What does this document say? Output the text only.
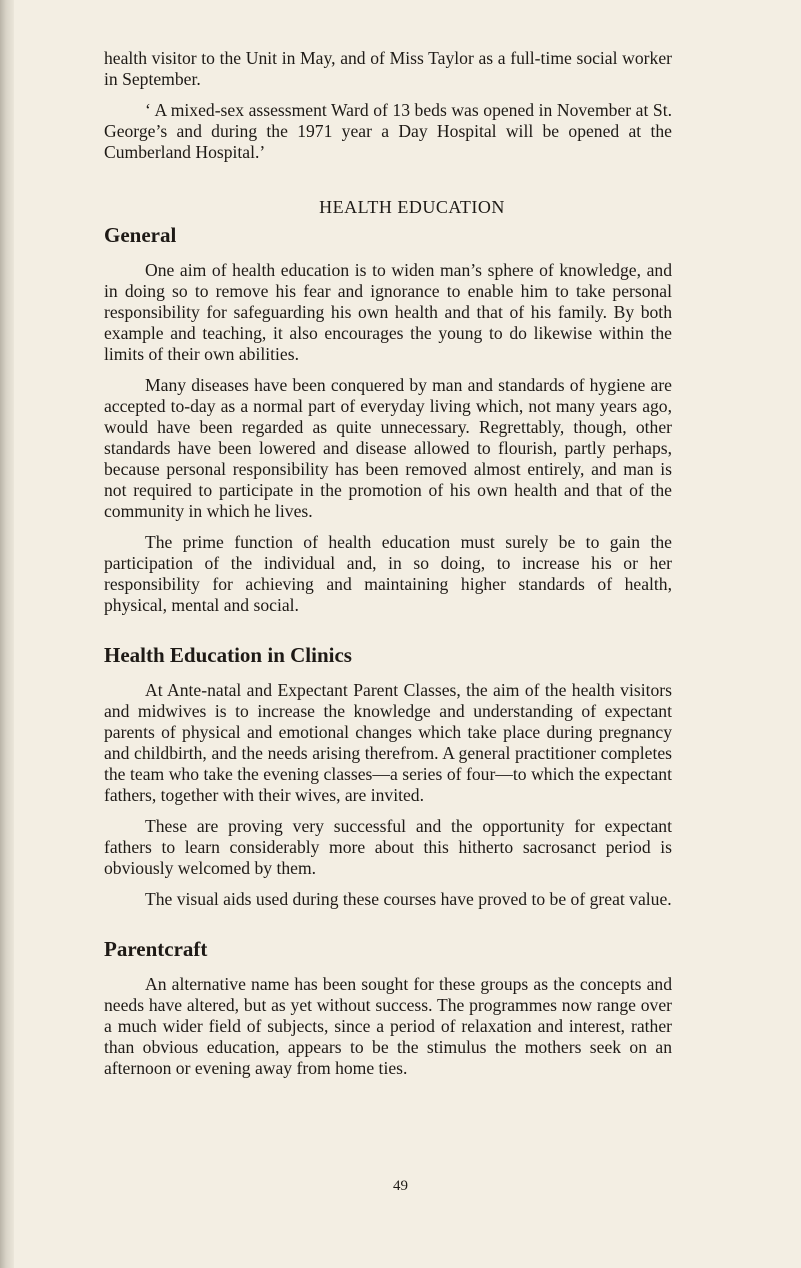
health visitor to the Unit in May, and of Miss Taylor as a full-time social worker in September.

‘ A mixed-sex assessment Ward of 13 beds was opened in November at St. George’s and during the 1971 year a Day Hospital will be opened at the Cumberland Hospital.’

HEALTH EDUCATION
General

One aim of health education is to widen man’s sphere of knowledge, and in doing so to remove his fear and ignorance to enable him to take personal responsibility for safeguarding his own health and that of his family. By both example and teaching, it also encourages the young to do likewise within the limits of their own abilities.

Many diseases have been conquered by man and standards of hygiene are accepted to-day as a normal part of everyday living which, not many years ago, would have been regarded as quite unnecessary. Regrettably, though, other standards have been lowered and disease allowed to flourish, partly perhaps, because personal responsibility has been removed almost entirely, and man is not required to participate in the promotion of his own health and that of the community in which he lives.

The prime function of health education must surely be to gain the participation of the individual and, in so doing, to increase his or her responsibility for achieving and maintaining higher standards of health, physical, mental and social.

Health Education in Clinics

At Ante-natal and Expectant Parent Classes, the aim of the health visitors and midwives is to increase the knowledge and understanding of expectant parents of physical and emotional changes which take place during pregnancy and childbirth, and the needs arising therefrom. A general practitioner completes the team who take the evening classes—a series of four—to which the expectant fathers, together with their wives, are invited.

These are proving very successful and the opportunity for expectant fathers to learn considerably more about this hitherto sacrosanct period is obviously welcomed by them.

The visual aids used during these courses have proved to be of great value.

Parentcraft

An alternative name has been sought for these groups as the concepts and needs have altered, but as yet without success. The programmes now range over a much wider field of subjects, since a period of relaxation and interest, rather than obvious education, appears to be the stimulus the mothers seek on an afternoon or evening away from home ties.

49
